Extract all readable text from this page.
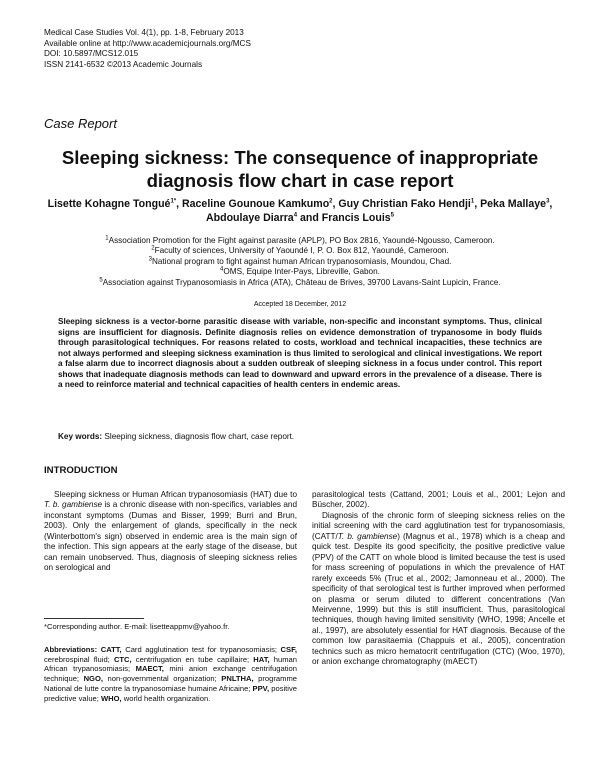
Medical Case Studies Vol. 4(1), pp. 1-8, February 2013
Available online at http://www.academicjournals.org/MCS
DOI: 10.5897/MCS12.015
ISSN 2141-6532 ©2013 Academic Journals
Case Report
Sleeping sickness: The consequence of inappropriate diagnosis flow chart in case report
Lisette Kohagne Tongué$^{1*}$, Raceline Gounoue Kamkumo$^2$, Guy Christian Fako Hendji$^1$, Peka Mallaye$^3$, Abdoulaye Diarra$^4$ and Francis Louis$^5$
$^1$Association Promotion for the Fight against parasite (APLP), PO Box 2816, Yaoundé-Ngousso, Cameroon.
$^2$Faculty of sciences, University of Yaoundé I, P. O. Box 812, Yaoundé, Cameroon.
$^3$National program to fight against human African trypanosomiasis, Moundou, Chad.
$^4$OMS, Equipe Inter-Pays, Libreville, Gabon.
$^5$Association against Trypanosomiasis in Africa (ATA), Château de Brives, 39700 Lavans-Saint Lupicin, France.
Accepted 18 December, 2012
Sleeping sickness is a vector-borne parasitic disease with variable, non-specific and inconstant symptoms. Thus, clinical signs are insufficient for diagnosis. Definite diagnosis relies on evidence demonstration of trypanosome in body fluids through parasitological techniques. For reasons related to costs, workload and technical incapacities, these technics are not always performed and sleeping sickness examination is thus limited to serological and clinical investigations. We report a false alarm due to incorrect diagnosis about a sudden outbreak of sleeping sickness in a focus under control. This report shows that inadequate diagnosis methods can lead to downward and upward errors in the prevalence of a disease. There is a need to reinforce material and technical capacities of health centers in endemic areas.
Key words: Sleeping sickness, diagnosis flow chart, case report.
INTRODUCTION

Sleeping sickness or Human African trypanosomiasis (HAT) due to T. b. gambiense is a chronic disease with non-specifics, variables and inconstant symptoms (Dumas and Bisser, 1999; Burri and Brun, 2003). Only the enlargement of glands, specifically in the neck (Winterbottom's sign) observed in endemic area is the main sign of the infection. This sign appears at the early stage of the disease, but can remain unobserved. Thus, diagnosis of sleeping sickness relies on serological and

parasitological tests (Cattand, 2001; Louis et al., 2001; Lejon and Büscher, 2002).

Diagnosis of the chronic form of sleeping sickness relies on the initial screening with the card agglutination test for trypanosomiasis, (CATT/T. b. gambiense) (Magnus et al., 1978) which is a cheap and quick test. Despite its good specificity, the positive predictive value (PPV) of the CATT on whole blood is limited because the test is used for mass screening of populations in which the prevalence of HAT rarely exceeds 5% (Truc et al., 2002; Jamonneau et al., 2000). The specificity of that serological test is further improved when performed on plasma or serum diluted to different concentrations (Van Meirvenne, 1999) but this is still insufficient. Thus, parasitological techniques, though having limited sensitivity (WHO, 1998; Ancelle et al., 1997), are absolutely essential for HAT diagnosis. Because of the common low parasitaemia (Chappuis et al., 2005), concentration technics such as micro hematocrit centrifugation (CTC) (Woo, 1970), or anion exchange chromatography (mAECT)

*Corresponding author. E-mail: lisetteappmv@yahoo.fr.
Abbreviations: CATT, Card agglutination test for trypanosomiasis; CSF, cerebrospinal fluid; CTC, centrifugation en tube capillaire; HAT, human African trypanosomiasis; MAECT, mini anion exchange centrifugation technique; NGO, non-governmental organization; PNLTHA, programme National de lutte contre la trypanosomiase humaine Africaine; PPV, positive predictive value; WHO, world health organization.
